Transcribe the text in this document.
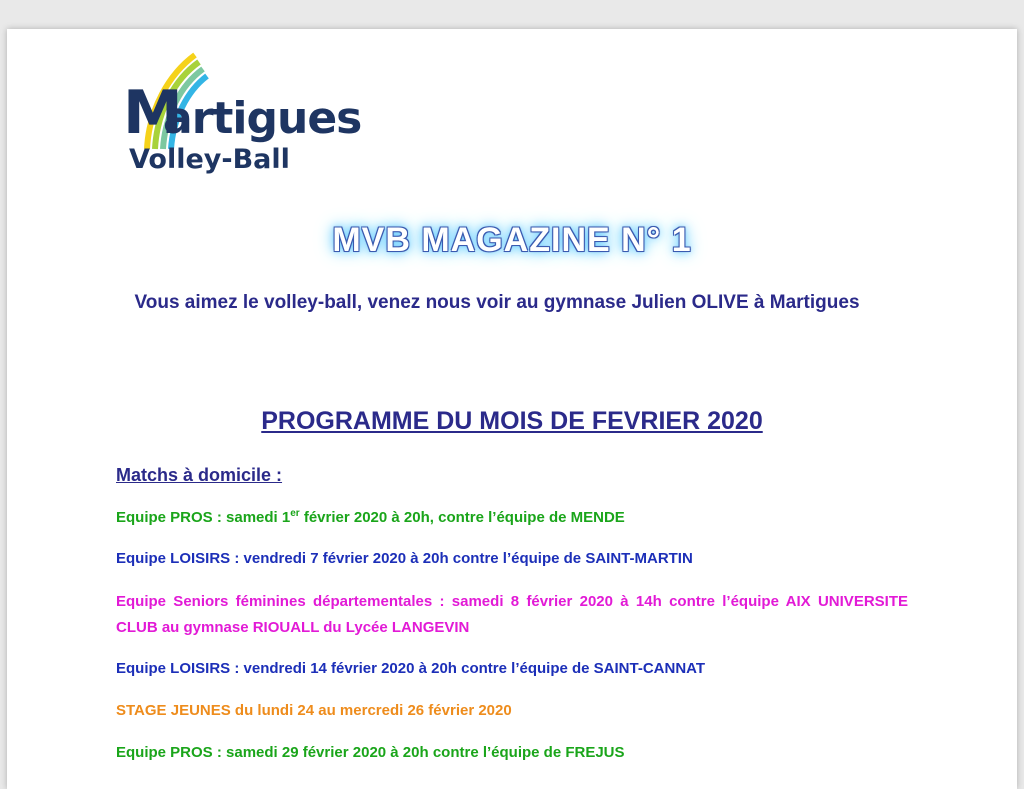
M
artigues
Volley-Ball
MVB MAGAZINE N° 1
Vous aimez le volley-ball, venez nous voir au gymnase Julien OLIVE à Martigues
PROGRAMME DU MOIS DE FEVRIER 2020
Matchs à domicile :
Equipe PROS : samedi 1er février 2020 à 20h, contre l’équipe de MENDE
Equipe LOISIRS : vendredi 7 février 2020 à 20h contre l’équipe de SAINT-MARTIN
Equipe Seniors féminines départementales : samedi 8 février 2020 à 14h contre l’équipe AIX UNIVERSITE CLUB au gymnase RIOUALL du Lycée LANGEVIN
Equipe LOISIRS : vendredi 14 février 2020 à 20h contre l’équipe de SAINT-CANNAT
STAGE JEUNES du lundi 24 au mercredi 26 février 2020
Equipe PROS : samedi 29 février 2020 à 20h contre l’équipe de FREJUS
